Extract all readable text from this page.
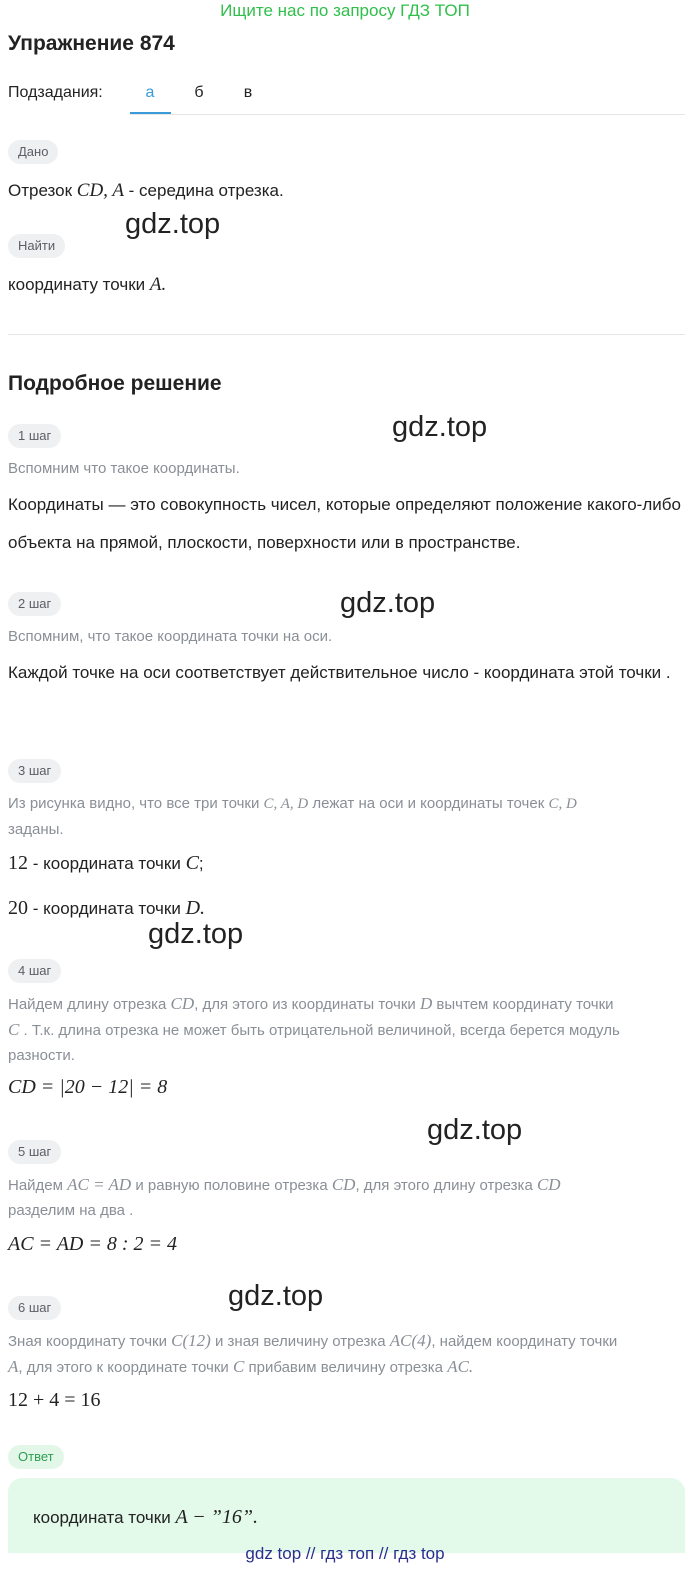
Ищите нас по запросу ГДЗ ТОП
Упражнение 874
Подзадания:	а	б	в
Дано
Отрезок CD, A - середина отрезка.
Найти
координату точки A.
Подробное решение
1 шаг
Вспомним что такое координаты.
Координаты — это совокупность чисел, которые определяют положение какого-либо объекта на прямой, плоскости, поверхности или в пространстве.
2 шаг
Вспомним, что такое координата точки на оси.
Каждой точке на оси соответствует действительное число - координата этой точки .
3 шаг
Из рисунка видно, что все три точки C, A, D лежат на оси и координаты точек C, D
заданы.
12 - координата точки C;
20 - координата точки D.
4 шаг
Найдем длину отрезка CD, для этого из координаты точки D вычтем координату точки
C . Т.к. длина отрезка не может быть отрицательной величиной, всегда берется модуль
разности.
CD = |20 − 12| = 8
5 шаг
Найдем AC = AD и равную половине отрезка CD, для этого длину отрезка CD
разделим на два .
AC = AD = 8 : 2 = 4
6 шаг
Зная координату точки C(12) и зная величину отрезка AC(4), найдем координату точки
A, для этого к координате точки C прибавим величину отрезка AC.
12 + 4 = 16
Ответ
координата точки A − ”16”.
gdz.top
gdz.top
gdz.top
gdz.top
gdz.top
gdz.top
gdz top // гдз топ // гдз top
